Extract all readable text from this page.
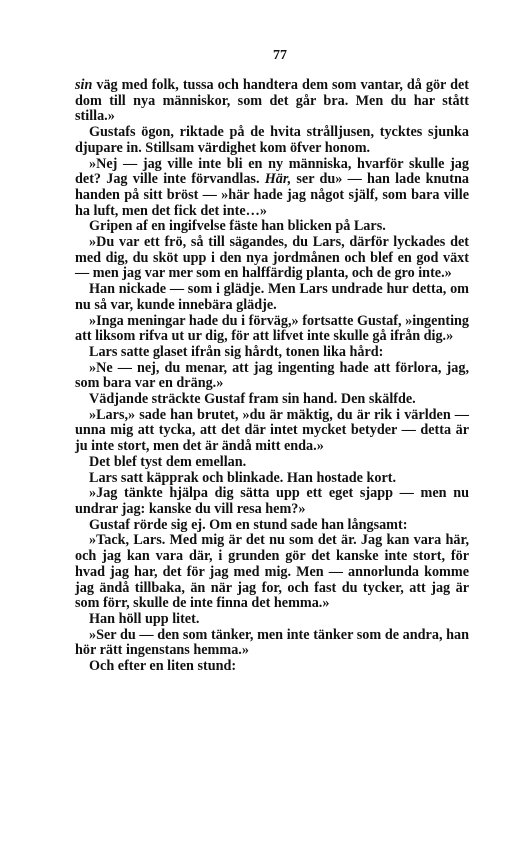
77

sin väg med folk, tussa och handtera dem som vantar, då gör det dom till nya människor, som det går bra. Men du har stått stilla.»

Gustafs ögon, riktade på de hvita strålljusen, tycktes sjunka djupare in. Stillsam värdighet kom öfver honom.

»Nej — jag ville inte bli en ny människa, hvarför skulle jag det? Jag ville inte förvandlas. Här, ser du» — han lade knutna handen på sitt bröst — »här hade jag något själf, som bara ville ha luft, men det fick det inte…»

Gripen af en ingifvelse fäste han blicken på Lars.

»Du var ett frö, så till sägandes, du Lars, därför lyckades det med dig, du sköt upp i den nya jordmånen och blef en god växt — men jag var mer som en halffärdig planta, och de gro inte.»

Han nickade — som i glädje. Men Lars undrade hur detta, om nu så var, kunde innebära glädje.

»Inga meningar hade du i förväg,» fortsatte Gustaf, »ingenting att liksom rifva ut ur dig, för att lifvet inte skulle gå ifrån dig.»

Lars satte glaset ifrån sig hårdt, tonen lika hård:

»Ne — nej, du menar, att jag ingenting hade att förlora, jag, som bara var en dräng.»

Vädjande sträckte Gustaf fram sin hand. Den skälfde.

»Lars,» sade han brutet, »du är mäktig, du är rik i världen — unna mig att tycka, att det där intet mycket betyder — detta är ju inte stort, men det är ändå mitt enda.»

Det blef tyst dem emellan.

Lars satt käpprak och blinkade. Han hostade kort.

»Jag tänkte hjälpa dig sätta upp ett eget sjapp — men nu undrar jag: kanske du vill resa hem?»

Gustaf rörde sig ej. Om en stund sade han långsamt:

»Tack, Lars. Med mig är det nu som det är. Jag kan vara här, och jag kan vara där, i grunden gör det kanske inte stort, för hvad jag har, det för jag med mig. Men — annorlunda komme jag ändå tillbaka, än när jag for, och fast du tycker, att jag är som förr, skulle de inte finna det hemma.»

Han höll upp litet.

»Ser du — den som tänker, men inte tänker som de andra, han hör rätt ingenstans hemma.»

Och efter en liten stund:
